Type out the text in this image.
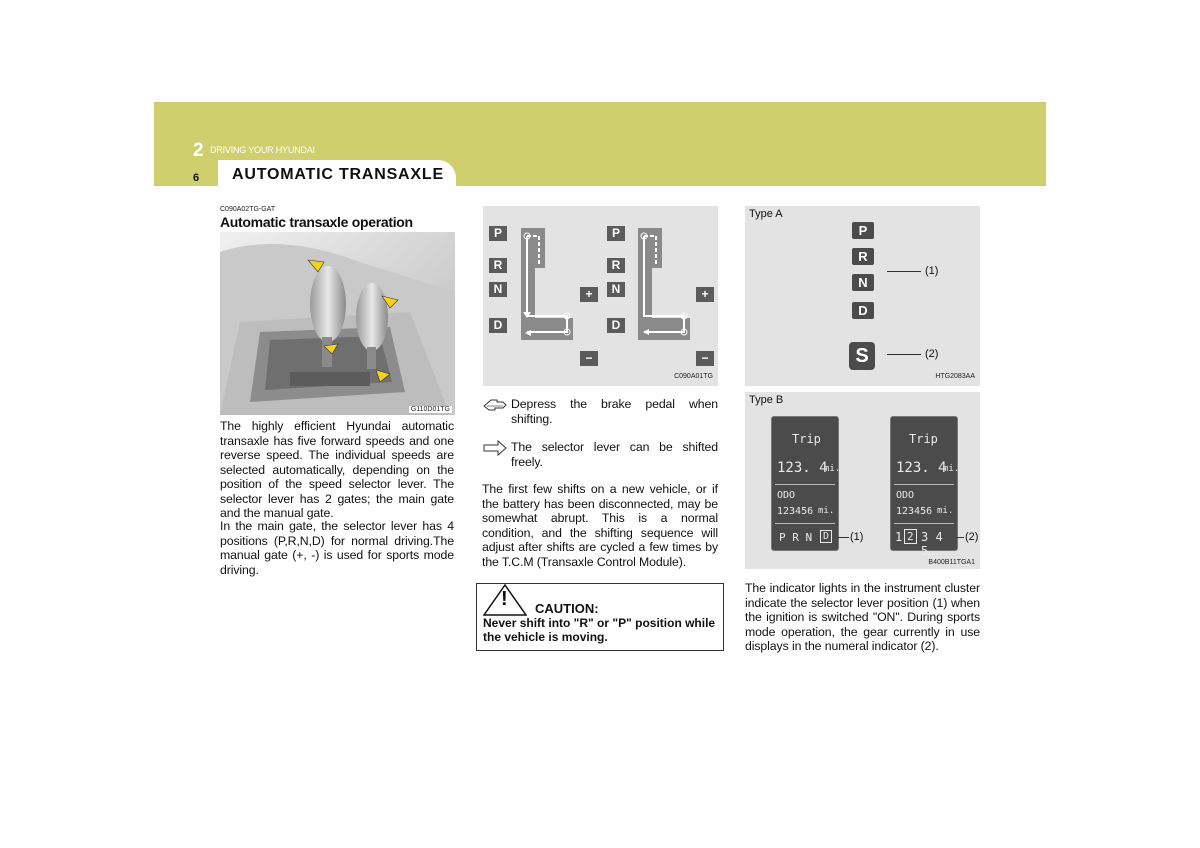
2 DRIVING YOUR HYUNDAI
6 AUTOMATIC TRANSAXLE
C090A02TG-GAT
Automatic transaxle operation
G110D01TG
The highly efficient Hyundai automatic transaxle has five forward speeds and one reverse speed. The individual speeds are selected automatically, depending on the position of the speed selector lever. The selector lever has 2 gates; the main gate and the manual gate.
In the main gate, the selector lever has 4 positions (P,R,N,D) for normal driving.The manual gate (+, -) is used for sports mode driving.
P
R
N
D
+
−
P
R
N
D
+
−
C090A01TG
Depress the brake pedal when shifting.
The selector lever can be shifted freely.
The first few shifts on a new vehicle, or if the battery has been disconnected, may be somewhat abrupt. This is a normal condition, and the shifting sequence will adjust after shifts are cycled a few times by the T.C.M (Transaxle Control Module).
! CAUTION:
Never shift into "R" or "P" position while the vehicle is moving.
Type A
P
R
N
D
S
(1)
(2)
HTG2083AA
Type B
Trip
123. 4
mi.
ODO
123456 mi.
P R N	D (1)
Trip
123. 4
mi.
ODO
123456 mi.
1 2 3 4 5
(2)
B400B11TGA1
The indicator lights in the instrument cluster indicate the selector lever position (1) when the ignition is switched "ON". During sports mode operation, the gear currently in use displays in the numeral indicator (2).
